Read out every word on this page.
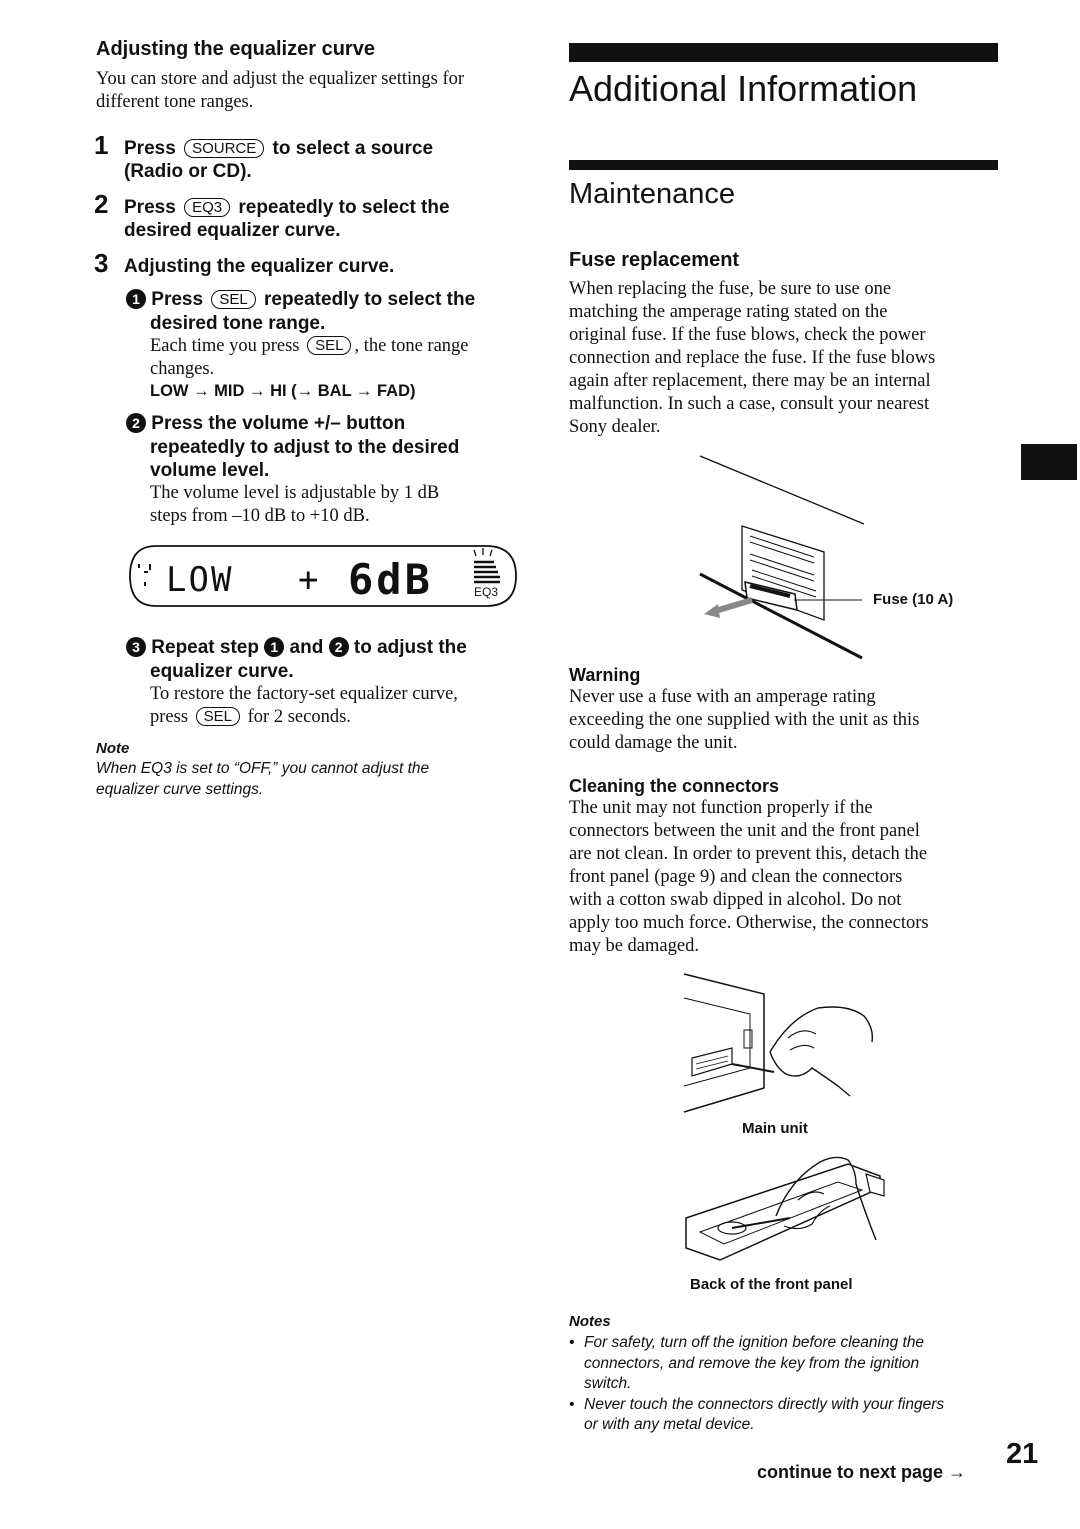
Adjusting the equalizer curve
You can store and adjust the equalizer settings for different tone ranges.
1 Press SOURCE to select a source
(Radio or CD).
2 Press EQ3 repeatedly to select the
desired equalizer curve.
3 Adjusting the equalizer curve.
1 Press SEL repeatedly to select the
desired tone range.
Each time you press SEL , the tone range
changes.
LOW → MID → HI (→ BAL → FAD)
2 Press the volume +/– button
repeatedly to adjust to the desired
volume level.
The volume level is adjustable by 1 dB
steps from –10 dB to +10 dB.
LOW + 6dB	EQ3
3 Repeat step 1 and 2 to adjust the
equalizer curve.
To restore the factory-set equalizer curve,
press SEL for 2 seconds.
Note
When EQ3 is set to “OFF,” you cannot adjust the
equalizer curve settings.
Additional Information
Maintenance
Fuse replacement
When replacing the fuse, be sure to use one
matching the amperage rating stated on the
original fuse. If the fuse blows, check the power
connection and replace the fuse. If the fuse blows
again after replacement, there may be an internal
malfunction. In such a case, consult your nearest
Sony dealer.
Fuse (10 A)
Warning
Never use a fuse with an amperage rating
exceeding the one supplied with the unit as this
could damage the unit.
Cleaning the connectors
The unit may not function properly if the
connectors between the unit and the front panel
are not clean. In order to prevent this, detach the
front panel (page 9) and clean the connectors
with a cotton swab dipped in alcohol. Do not
apply too much force. Otherwise, the connectors
may be damaged.
Main unit
Back of the front panel
Notes
• For safety, turn off the ignition before cleaning the
connectors, and remove the key from the ignition
switch.
• Never touch the connectors directly with your fingers
or with any metal device.
continue to next page →
21
